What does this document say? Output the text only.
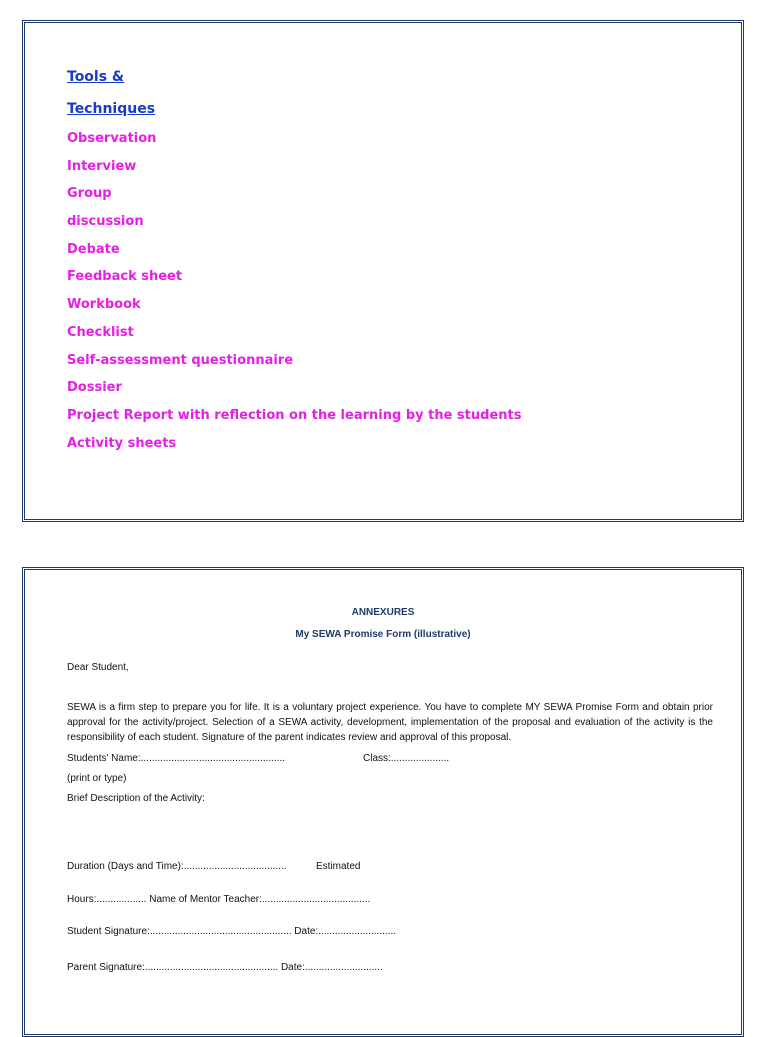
Tools &
Techniques
Observation
Interview
Group
discussion
Debate
Feedback sheet
Workbook
Checklist
Self-assessment questionnaire
Dossier
Project Report with reflection on the learning by the students
Activity sheets
ANNEXURES
My SEWA Promise Form (illustrative)
Dear Student,
SEWA is a firm step to prepare you for life. It is a voluntary project experience. You have to complete MY SEWA Promise Form and obtain prior approval for the activity/project. Selection of a SEWA activity, development, implementation of the proposal and evaluation of the activity is the responsibility of each student. Signature of the parent indicates review and approval of this proposal.
Students' Name:....................................................	Class:.....................
(print or type)
Brief Description of the Activity:
Duration (Days and Time):.....................................	Estimated
Hours:.................. Name of Mentor Teacher:.......................................
Student Signature:................................................... Date:............................
Parent Signature:................................................ Date:............................
